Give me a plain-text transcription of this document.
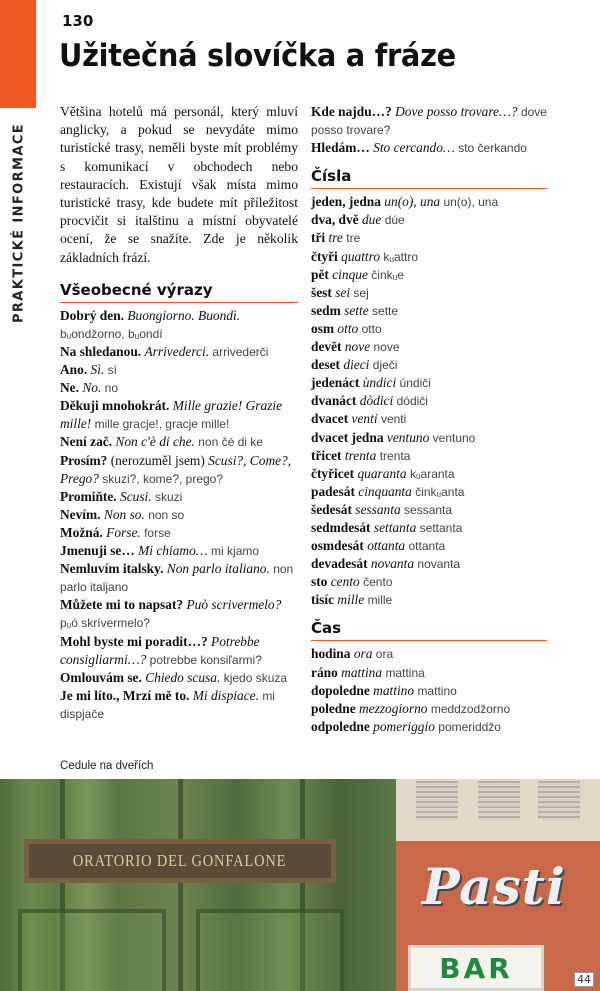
PRAKTICKÉ INFORMACE
130
Užitečná slovíčka a fráze

Většina hotelů má personál, který mluví anglicky, a pokud se nevydáte mimo turistické trasy, neměli byste mít problémy s komunikací v obchodech nebo restauracích. Existují však místa mimo turistické trasy, kde budete mít příležitost procvičit si italštinu a místní obyvatelé ocení, že se snažíte. Zde je několik základních frází.

Všeobecné výrazy
Dobrý den. Buongiorno. Buondì. bᵤondžorno, bᵤondí
Na shledanou. Arrivederci. arrivederči
Ano. Sì. sí
Ne. No. no
Děkuji mnohokrát. Mille grazie! Grazie mille! mille gracje!, gracje mille!
Není zač. Non c'è di che. non čé di ke
Prosím? (nerozuměl jsem) Scusi?, Come?, Prego? skuzi?, kome?, prego?
Promiňte. Scusi. skuzi
Nevím. Non so. non so
Možná. Forse. forse
Jmenuji se… Mi chiamo… mi kjamo
Nemluvím italsky. Non parlo italiano. non parlo italjano
Můžete mi to napsat? Può scrivermelo? pᵤó skrívermelo?
Mohl byste mi poradit…? Potrebbe consigliarmi…? potrebbe konsiľarmi?
Omlouvám se. Chiedo scusa. kjedo skuza
Je mi líto., Mrzí mě to. Mi dispiace. mi dispjače
Kde najdu…? Dove posso trovare…? dove posso trovare?
Hledám… Sto cercando… sto čerkando
Čísla
jeden, jedna un(o), una un(o), una
dva, dvě due dúe
tři tre tre
čtyři quattro kᵤattro
pět cinque činkᵤe
šest sei sej
sedm sette sette
osm otto otto
devět nove nove
deset dieci dječi
jedenáct ùndici úndiči
dvanáct dòdici dódiči
dvacet venti venti
dvacet jedna ventuno ventuno
třicet trenta trenta
čtyřicet quaranta kᵤaranta
padesát cinquanta činkᵤanta
šedesát sessanta sessanta
sedmdesát settanta settanta
osmdesát ottanta ottanta
devadesát novanta novanta
sto cento čento
tisíc mille mille
Čas
hodina ora ora
ráno mattina mattina
dopoledne mattino mattino
poledne mezzogiorno meddzodžorno
odpoledne pomeriggio pomeriddžo
Cedule na dveřích
ORATORIO DEL GONFALONE	Pasti
BAR	44
